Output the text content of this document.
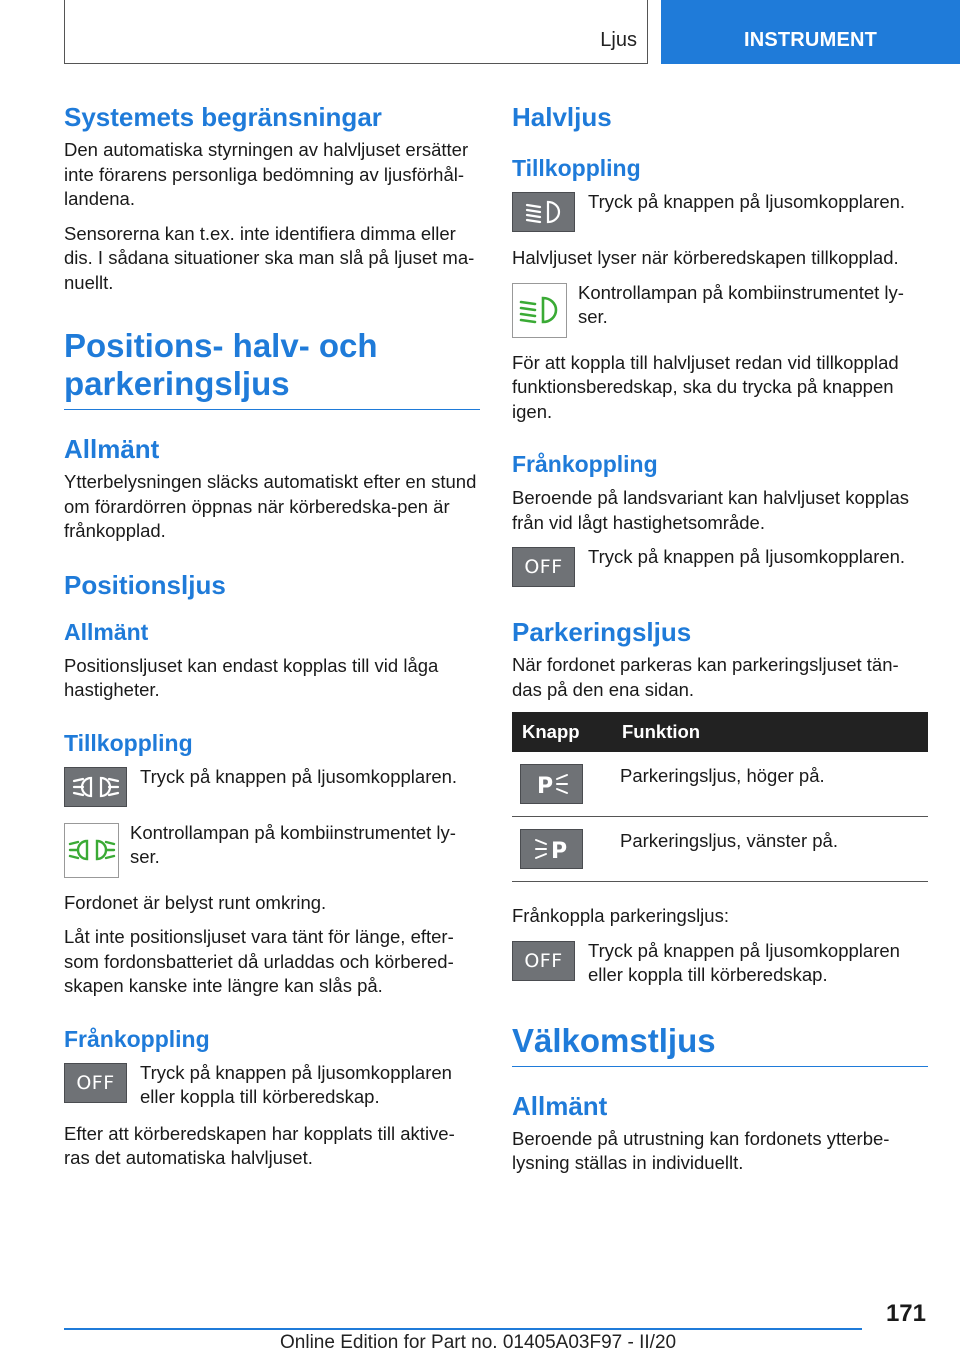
Ljus	INSTRUMENT
Systemets begränsningar

Den automatiska styrningen av halvljuset ersätter inte förarens personliga bedömning av ljusförhål-landena.

Sensorerna kan t.ex. inte identifiera dimma eller dis. I sådana situationer ska man slå på ljuset ma-nuellt.

Positions- halv- och parkeringsljus
Allmänt

Ytterbelysningen släcks automatiskt efter en stund om förardörren öppnas när körberedska-pen är frånkopplad.

Positionsljus
Allmänt

Positionsljuset kan endast kopplas till vid låga hastigheter.

Tillkoppling
Tryck på knappen på ljusomkopplaren.
Kontrollampan på kombiinstrumentet ly-ser.

Fordonet är belyst runt omkring.

Låt inte positionsljuset vara tänt för länge, efter-som fordonsbatteriet då urladdas och körbered-skapen kanske inte längre kan slås på.

Frånkoppling
OFF	Tryck på knappen på ljusomkopplaren eller koppla till körberedskap.

Efter att körberedskapen har kopplats till aktive-ras det automatiska halvljuset.

Halvljus
Tillkoppling
Tryck på knappen på ljusomkopplaren.

Halvljuset lyser när körberedskapen tillkopplad.

Kontrollampan på kombiinstrumentet ly-ser.

För att koppla till halvljuset redan vid tillkopplad funktionsberedskap, ska du trycka på knappen igen.

Frånkoppling

Beroende på landsvariant kan halvljuset kopplas från vid lågt hastighetsområde.

OFF	Tryck på knappen på ljusomkopplaren.
Parkeringsljus

När fordonet parkeras kan parkeringsljuset tän-das på den ena sidan.

Knapp	Funktion

P	Parkeringsljus, höger på.

P	Parkeringsljus, vänster på.

Frånkoppla parkeringsljus:

OFF	Tryck på knappen på ljusomkopplaren eller koppla till körberedskap.
Välkomstljus
Allmänt

Beroende på utrustning kan fordonets ytterbe-lysning ställas in individuellt.

171
Online Edition for Part no. 01405A03F97 - II/20
